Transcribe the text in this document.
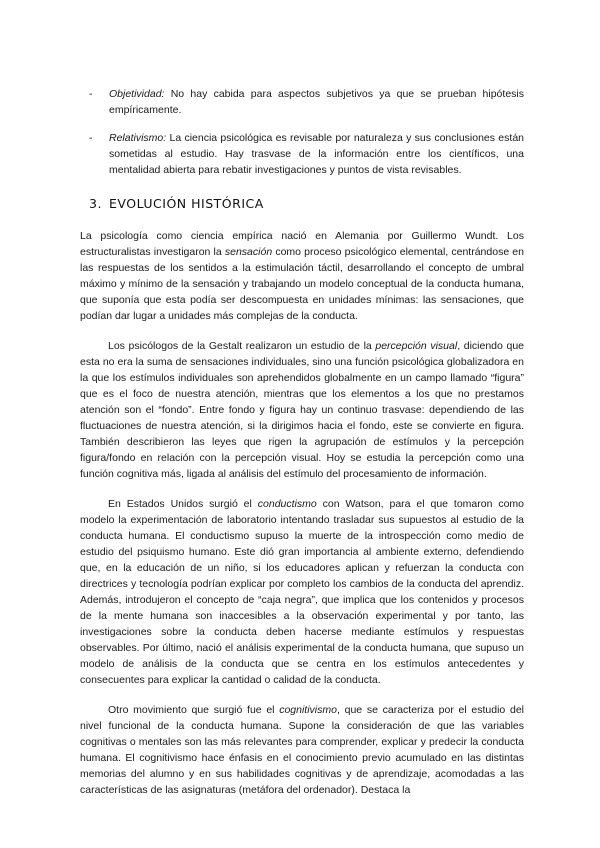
- Objetividad: No hay cabida para aspectos subjetivos ya que se prueban hipótesis empíricamente.
- Relativismo: La ciencia psicológica es revisable por naturaleza y sus conclusiones están sometidas al estudio. Hay trasvase de la información entre los científicos, una mentalidad abierta para rebatir investigaciones y puntos de vista revisables.
3. EVOLUCIÓN HISTÓRICA

La psicología como ciencia empírica nació en Alemania por Guillermo Wundt. Los estructuralistas investigaron la sensación como proceso psicológico elemental, centrándose en las respuestas de los sentidos a la estimulación táctil, desarrollando el concepto de umbral máximo y mínimo de la sensación y trabajando un modelo conceptual de la conducta humana, que suponía que esta podía ser descompuesta en unidades mínimas: las sensaciones, que podían dar lugar a unidades más complejas de la conducta.

Los psicólogos de la Gestalt realizaron un estudio de la percepción visual, diciendo que esta no era la suma de sensaciones individuales, sino una función psicológica globalizadora en la que los estímulos individuales son aprehendidos globalmente en un campo llamado “figura” que es el foco de nuestra atención, mientras que los elementos a los que no prestamos atención son el “fondo”. Entre fondo y figura hay un continuo trasvase: dependiendo de las fluctuaciones de nuestra atención, si la dirigimos hacia el fondo, este se convierte en figura. También describieron las leyes que rigen la agrupación de estímulos y la percepción figura/fondo en relación con la percepción visual. Hoy se estudia la percepción como una función cognitiva más, ligada al análisis del estímulo del procesamiento de información.

En Estados Unidos surgió el conductismo con Watson, para el que tomaron como modelo la experimentación de laboratorio intentando trasladar sus supuestos al estudio de la conducta humana. El conductismo supuso la muerte de la introspección como medio de estudio del psiquismo humano. Este dió gran importancia al ambiente externo, defendiendo que, en la educación de un niño, si los educadores aplican y refuerzan la conducta con directrices y tecnología podrían explicar por completo los cambios de la conducta del aprendiz. Además, introdujeron el concepto de “caja negra”, que implica que los contenidos y procesos de la mente humana son inaccesibles a la observación experimental y por tanto, las investigaciones sobre la conducta deben hacerse mediante estímulos y respuestas observables. Por último, nació el análisis experimental de la conducta humana, que supuso un modelo de análisis de la conducta que se centra en los estímulos antecedentes y consecuentes para explicar la cantidad o calidad de la conducta.

Otro movimiento que surgió fue el cognitivismo, que se caracteriza por el estudio del nivel funcional de la conducta humana. Supone la consideración de que las variables cognitivas o mentales son las más relevantes para comprender, explicar y predecir la conducta humana. El cognitivismo hace énfasis en el conocimiento previo acumulado en las distintas memorias del alumno y en sus habilidades cognitivas y de aprendizaje, acomodadas a las características de las asignaturas (metáfora del ordenador). Destaca la
